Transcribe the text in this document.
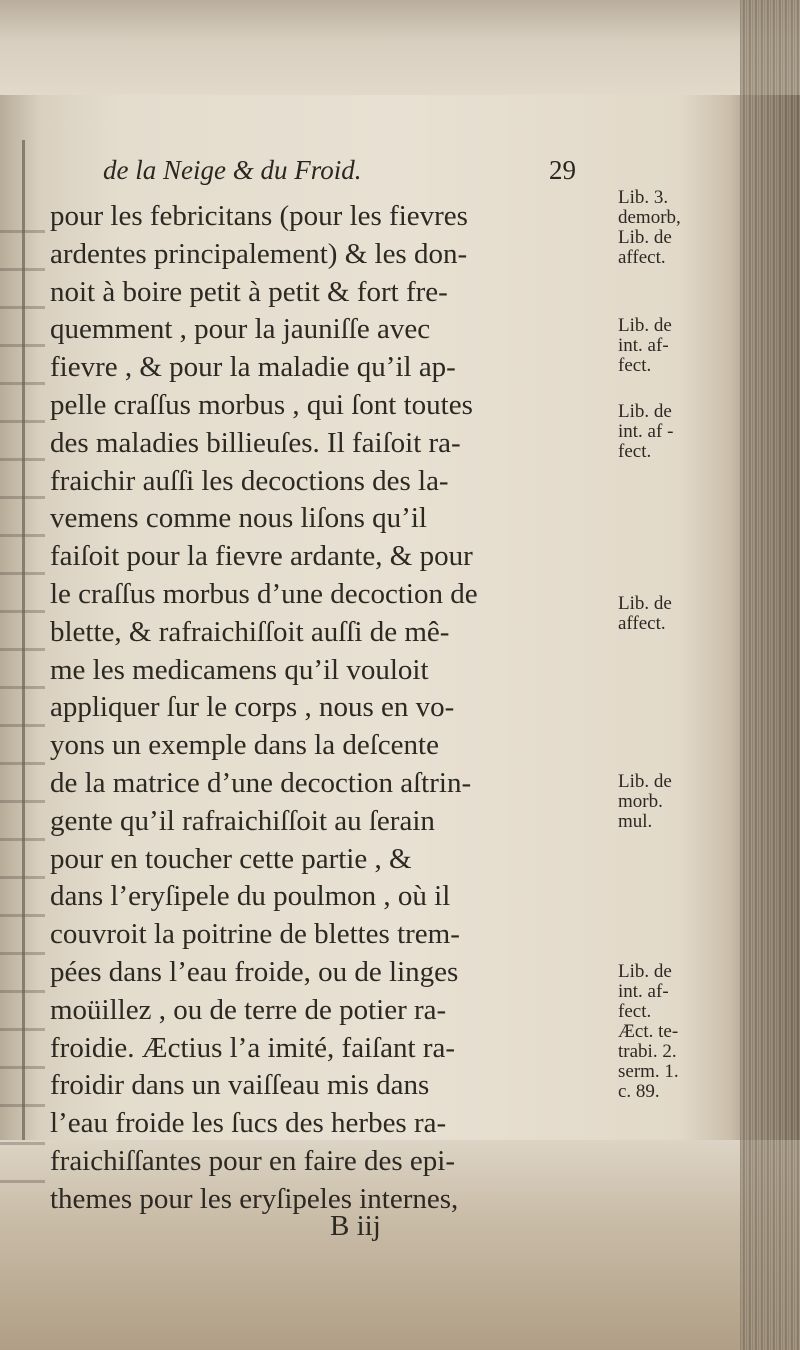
de la Neige & du Froid.	29
pour les febricitans (pour les fievres
ardentes principalement) & les don-
noit à boire petit à petit & fort fre-
quemment , pour la jauniſſe avec
fievre , & pour la maladie qu’il ap-
pelle craſſus morbus , qui ſont toutes
des maladies billieuſes. Il faiſoit ra-
fraichir auſſi les decoctions des la-
vemens comme nous liſons qu’il
faiſoit pour la fievre ardante, & pour
le craſſus morbus d’une decoction de
blette, & rafraichiſſoit auſſi de mê-
me les medicamens qu’il vouloit
appliquer ſur le corps , nous en vo-
yons un exemple dans la deſcente
de la matrice d’une decoction aſtrin-
gente qu’il rafraichiſſoit au ſerain
pour en toucher cette partie , &
dans l’eryſipele du poulmon , où il
couvroit la poitrine de blettes trem-
pées dans l’eau froide, ou de linges
moüillez , ou de terre de potier ra-
froidie. Æctius l’a imité, faiſant ra-
froidir dans un vaiſſeau mis dans
l’eau froide les ſucs des herbes ra-
fraichiſſantes pour en faire des epi-
themes pour les eryſipeles internes,
Lib. 3.
demorb,
Lib. de
affect.
Lib. de
int. af-
fect.
Lib. de
int. af -
fect.
Lib. de
affect.
Lib. de
morb.
mul.
Lib. de
int. af-
fect.
Æct. te-
trabi. 2.
serm. 1.
c. 89.
B iij
